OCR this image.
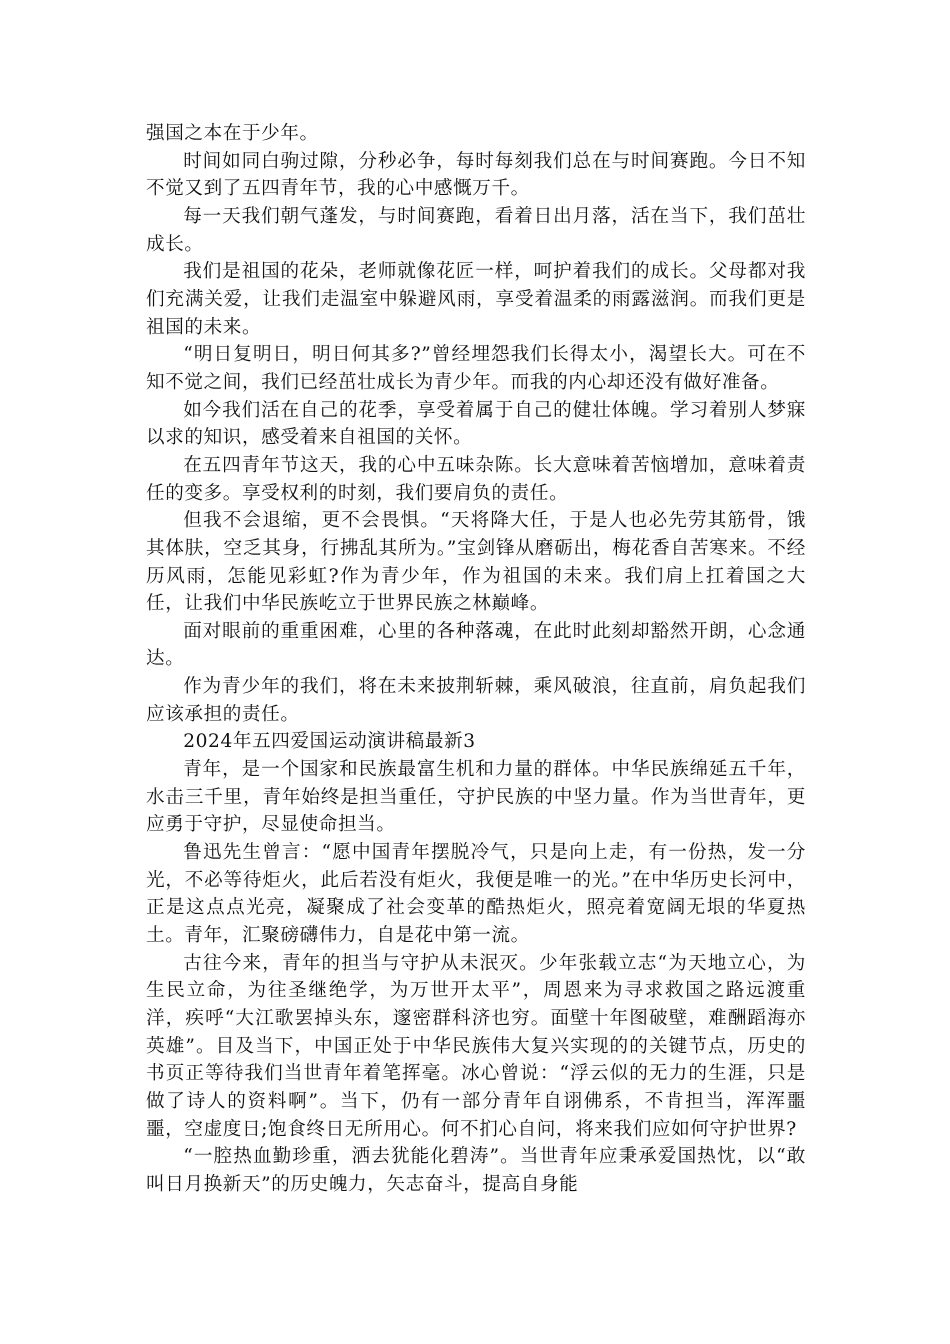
强国之本在于少年。

时间如同白驹过隙，分秒必争，每时每刻我们总在与时间赛跑。今日不知不觉又到了五四青年节，我的心中感慨万千。

每一天我们朝气蓬发，与时间赛跑，看着日出月落，活在当下，我们茁壮成长。

我们是祖国的花朵，老师就像花匠一样，呵护着我们的成长。父母都对我们充满关爱，让我们走温室中躲避风雨，享受着温柔的雨露滋润。而我们更是祖国的未来。

“明日复明日，明日何其多?”曾经埋怨我们长得太小，渴望长大。可在不知不觉之间，我们已经茁壮成长为青少年。而我的内心却还没有做好准备。

如今我们活在自己的花季，享受着属于自己的健壮体魄。学习着别人梦寐以求的知识，感受着来自祖国的关怀。

在五四青年节这天，我的心中五味杂陈。长大意味着苦恼增加，意味着责任的变多。享受权利的时刻，我们要肩负的责任。

但我不会退缩，更不会畏惧。“天将降大任，于是人也必先劳其筋骨，饿其体肤，空乏其身，行拂乱其所为。”宝剑锋从磨砺出，梅花香自苦寒来。不经历风雨，怎能见彩虹?作为青少年，作为祖国的未来。我们肩上扛着国之大任，让我们中华民族屹立于世界民族之林巅峰。

面对眼前的重重困难，心里的各种落魂，在此时此刻却豁然开朗，心念通达。

作为青少年的我们，将在未来披荆斩棘，乘风破浪，往直前，肩负起我们应该承担的责任。

2024年五四爱国运动演讲稿最新3

青年，是一个国家和民族最富生机和力量的群体。中华民族绵延五千年，水击三千里，青年始终是担当重任，守护民族的中坚力量。作为当世青年，更应勇于守护，尽显使命担当。

鲁迅先生曾言：“愿中国青年摆脱冷气，只是向上走，有一份热，发一分光，不必等待炬火，此后若没有炬火，我便是唯一的光。”在中华历史长河中，正是这点点光亮，凝聚成了社会变革的酷热炬火，照亮着宽阔无垠的华夏热土。青年，汇聚磅礴伟力，自是花中第一流。

古往今来，青年的担当与守护从未泯灭。少年张载立志“为天地立心，为生民立命，为往圣继绝学，为万世开太平”，周恩来为寻求救国之路远渡重洋，疾呼“大江歌罢掉头东，邃密群科济也穷。面壁十年图破壁，难酬蹈海亦英雄”。目及当下，中国正处于中华民族伟大复兴实现的的关键节点，历史的书页正等待我们当世青年着笔挥毫。冰心曾说：“浮云似的无力的生涯，只是做了诗人的资料啊”。当下，仍有一部分青年自诩佛系，不肯担当，浑浑噩噩，空虚度日;饱食终日无所用心。何不扪心自问，将来我们应如何守护世界?

“一腔热血勤珍重，洒去犹能化碧涛”。当世青年应秉承爱国热忱，以“敢叫日月换新天”的历史魄力，矢志奋斗，提高自身能
